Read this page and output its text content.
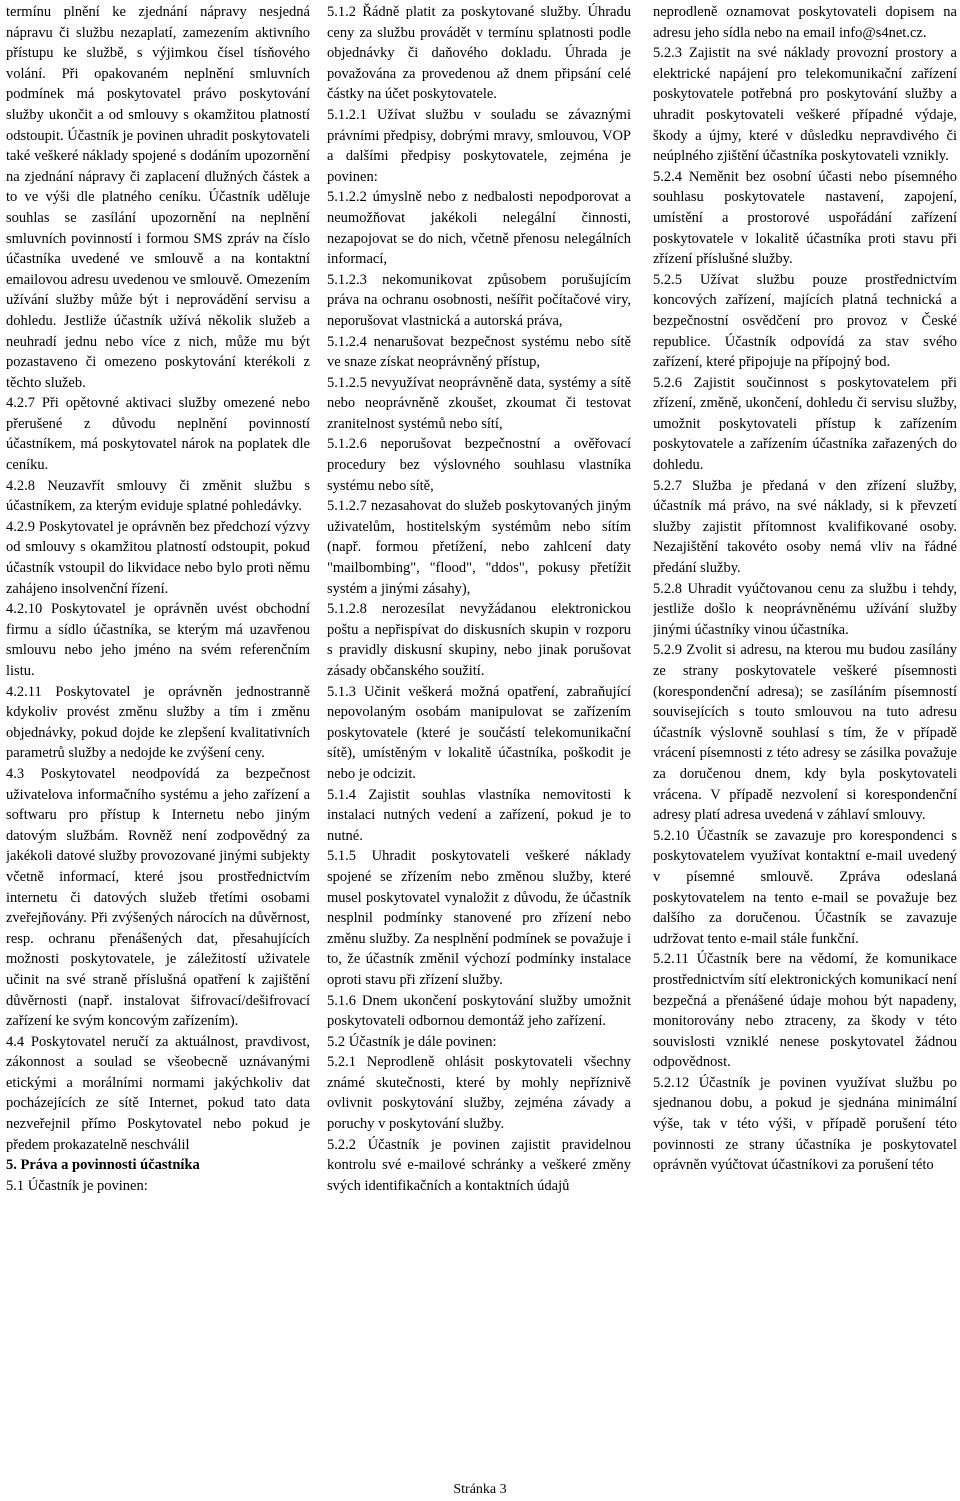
termínu plnění ke zjednání nápravy nesjedná nápravu či službu nezaplatí, zamezením aktivního přístupu ke službě, s výjimkou čísel tísňového volání. Při opakovaném neplnění smluvních podmínek má poskytovatel právo poskytování služby ukončit a od smlouvy s okamžitou platností odstoupit. Účastník je povinen uhradit poskytovateli také veškeré náklady spojené s dodáním upozornění na zjednání nápravy či zaplacení dlužných částek a to ve výši dle platného ceníku. Účastník uděluje souhlas se zasílání upozornění na neplnění smluvních povinností i formou SMS zpráv na číslo účastníka uvedené ve smlouvě a na kontaktní emailovou adresu uvedenou ve smlouvě. Omezením užívání služby může být i neprovádění servisu a dohledu. Jestliže účastník užívá několik služeb a neuhradí jednu nebo více z nich, může mu být pozastaveno či omezeno poskytování kterékoli z těchto služeb.

4.2.7 Při opětovné aktivaci služby omezené nebo přerušené z důvodu neplnění povinností účastníkem, má poskytovatel nárok na poplatek dle ceníku.

4.2.8 Neuzavřít smlouvy či změnit službu s účastníkem, za kterým eviduje splatné pohledávky.

4.2.9 Poskytovatel je oprávněn bez předchozí výzvy od smlouvy s okamžitou platností odstoupit, pokud účastník vstoupil do likvidace nebo bylo proti němu zahájeno insolvenční řízení.

4.2.10 Poskytovatel je oprávněn uvést obchodní firmu a sídlo účastníka, se kterým má uzavřenou smlouvu nebo jeho jméno na svém referenčním listu.

4.2.11 Poskytovatel je oprávněn jednostranně kdykoliv provést změnu služby a tím i změnu objednávky, pokud dojde ke zlepšení kvalitativních parametrů služby a nedojde ke zvýšení ceny.

4.3 Poskytovatel neodpovídá za bezpečnost uživatelova informačního systému a jeho zařízení a softwaru pro přístup k Internetu nebo jiným datovým službám. Rovněž není zodpovědný za jakékoli datové služby provozované jinými subjekty včetně informací, které jsou prostřednictvím internetu či datových služeb třetími osobami zveřejňovány. Při zvýšených nárocích na důvěrnost, resp. ochranu přenášených dat, přesahujících možnosti poskytovatele, je záležitostí uživatele učinit na své straně příslušná opatření k zajištění důvěrnosti (např. instalovat šifrovací/dešifrovací zařízení ke svým koncovým zařízením).

4.4 Poskytovatel neručí za aktuálnost, pravdivost, zákonnost a soulad se všeobecně uznávanými etickými a morálními normami jakýchkoliv dat pocházejících ze sítě Internet, pokud tato data nezveřejnil přímo Poskytovatel nebo pokud je předem prokazatelně neschválil

5. Práva a povinnosti účastníka

5.1 Účastník je povinen:

5.1.2 Řádně platit za poskytované služby. Úhradu ceny za službu provádět v termínu splatnosti podle objednávky či daňového dokladu. Úhrada je považována za provedenou až dnem připsání celé částky na účet poskytovatele.

5.1.2.1 Užívat službu v souladu se závaznými právními předpisy, dobrými mravy, smlouvou, VOP a dalšími předpisy poskytovatele, zejména je povinen:

5.1.2.2 úmyslně nebo z nedbalosti nepodporovat a neumožňovat jakékoli nelegální činnosti, nezapojovat se do nich, včetně přenosu nelegálních informací,

5.1.2.3 nekomunikovat způsobem porušujícím práva na ochranu osobnosti, nešířit počítačové viry, neporušovat vlastnická a autorská práva,

5.1.2.4 nenarušovat bezpečnost systému nebo sítě ve snaze získat neoprávněný přístup,

5.1.2.5 nevyužívat neoprávněně data, systémy a sítě nebo neoprávněně zkoušet, zkoumat či testovat zranitelnost systémů nebo sítí,

5.1.2.6 neporušovat bezpečnostní a ověřovací procedury bez výslovného souhlasu vlastníka systému nebo sítě,

5.1.2.7 nezasahovat do služeb poskytovaných jiným uživatelům, hostitelským systémům nebo sítím (např. formou přetížení, nebo zahlcení daty "mailbombing", "flood", "ddos", pokusy přetížit systém a jinými zásahy),

5.1.2.8 nerozesílat nevyžádanou elektronickou poštu a nepřispívat do diskusních skupin v rozporu s pravidly diskusní skupiny, nebo jinak porušovat zásady občanského soužití.

5.1.3 Učinit veškerá možná opatření, zabraňující nepovolaným osobám manipulovat se zařízením poskytovatele (které je součástí telekomunikační sítě), umístěným v lokalitě účastníka, poškodit je nebo je odcizit.

5.1.4 Zajistit souhlas vlastníka nemovitosti k instalaci nutných vedení a zařízení, pokud je to nutné.

5.1.5 Uhradit poskytovateli veškeré náklady spojené se zřízením nebo změnou služby, které musel poskytovatel vynaložit z důvodu, že účastník nesplnil podmínky stanovené pro zřízení nebo změnu služby. Za nesplnění podmínek se považuje i to, že účastník změnil výchozí podmínky instalace oproti stavu při zřízení služby.

5.1.6 Dnem ukončení poskytování služby umožnit poskytovateli odbornou demontáž jeho zařízení.

5.2 Účastník je dále povinen:

5.2.1 Neprodleně ohlásit poskytovateli všechny známé skutečnosti, které by mohly nepříznivě ovlivnit poskytování služby, zejména závady a poruchy v poskytování služby.

5.2.2 Účastník je povinen zajistit pravidelnou kontrolu své e-mailové schránky a veškeré změny svých identifikačních a kontaktních údajů

neprodleně oznamovat poskytovateli dopisem na adresu jeho sídla nebo na email info@s4net.cz.

5.2.3 Zajistit na své náklady provozní prostory a elektrické napájení pro telekomunikační zařízení poskytovatele potřebná pro poskytování služby a uhradit poskytovateli veškeré případné výdaje, škody a újmy, které v důsledku nepravdivého či neúplného zjištění účastníka poskytovateli vznikly.

5.2.4 Neměnit bez osobní účasti nebo písemného souhlasu poskytovatele nastavení, zapojení, umístění a prostorové uspořádání zařízení poskytovatele v lokalitě účastníka proti stavu při zřízení příslušné služby.

5.2.5 Užívat službu pouze prostřednictvím koncových zařízení, majících platná technická a bezpečnostní osvědčení pro provoz v České republice. Účastník odpovídá za stav svého zařízení, které připojuje na přípojný bod.

5.2.6 Zajistit součinnost s poskytovatelem při zřízení, změně, ukončení, dohledu či servisu služby, umožnit poskytovateli přístup k zařízením poskytovatele a zařízením účastníka zařazených do dohledu.

5.2.7 Služba je předaná v den zřízení služby, účastník má právo, na své náklady, si k převzetí služby zajistit přítomnost kvalifikované osoby. Nezajištění takovéto osoby nemá vliv na řádné předání služby.

5.2.8 Uhradit vyúčtovanou cenu za službu i tehdy, jestliže došlo k neoprávněnému užívání služby jinými účastníky vinou účastníka.

5.2.9 Zvolit si adresu, na kterou mu budou zasílány ze strany poskytovatele veškeré písemnosti (korespondenční adresa); se zasíláním písemností souvisejících s touto smlouvou na tuto adresu účastník výslovně souhlasí s tím, že v případě vrácení písemnosti z této adresy se zásilka považuje za doručenou dnem, kdy byla poskytovateli vrácena. V případě nezvolení si korespondenční adresy platí adresa uvedená v záhlaví smlouvy.

5.2.10 Účastník se zavazuje pro korespondenci s poskytovatelem využívat kontaktní e-mail uvedený v písemné smlouvě. Zpráva odeslaná poskytovatelem na tento e-mail se považuje bez dalšího za doručenou. Účastník se zavazuje udržovat tento e-mail stále funkční.

5.2.11 Účastník bere na vědomí, že komunikace prostřednictvím sítí elektronických komunikací není bezpečná a přenášené údaje mohou být napadeny, monitorovány nebo ztraceny, za škody v této souvislosti vzniklé nenese poskytovatel žádnou odpovědnost.

5.2.12 Účastník je povinen využívat službu po sjednanou dobu, a pokud je sjednána minimální výše, tak v této výši, v případě porušení této povinnosti ze strany účastníka je poskytovatel oprávněn vyúčtovat účastníkovi za porušení této

Stránka 3
